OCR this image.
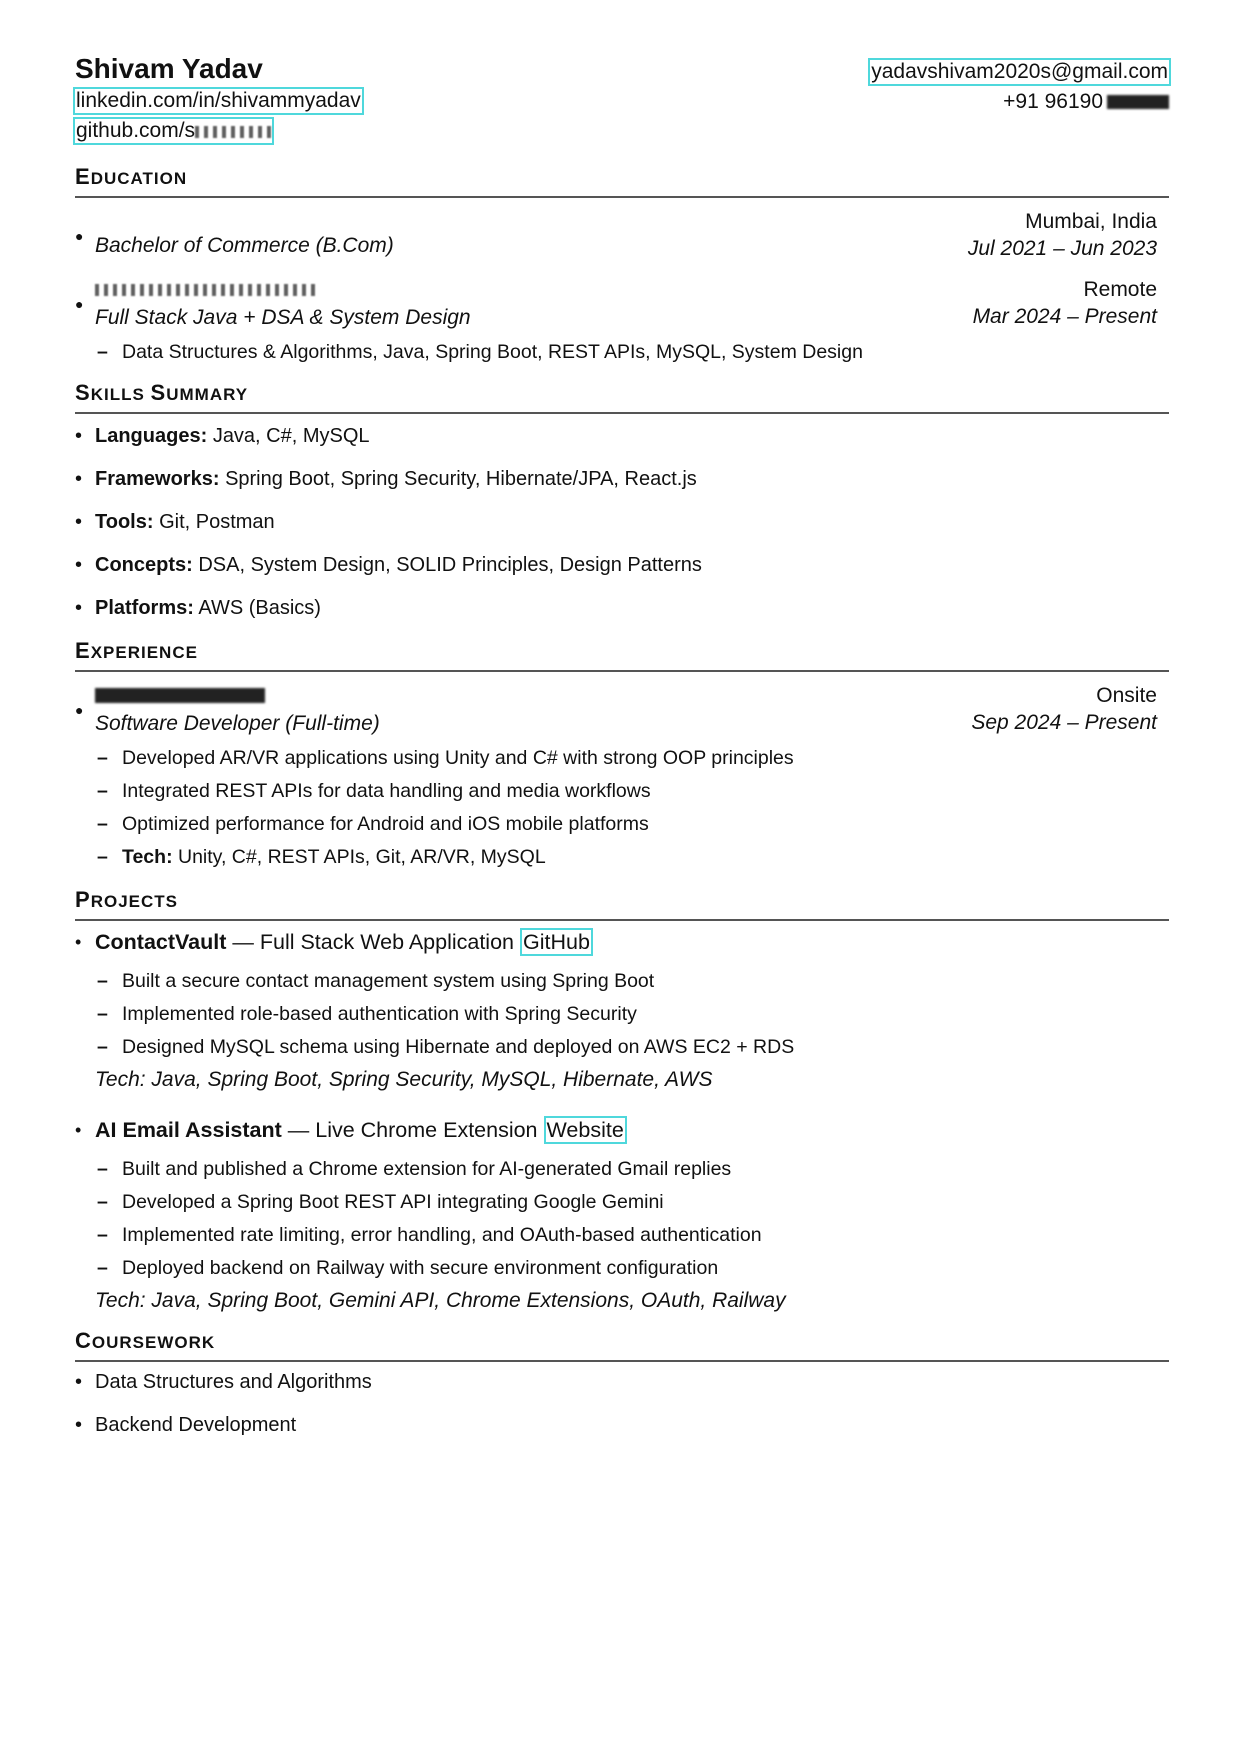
Shivam Yadav
linkedin.com/in/shivammyadav
github.com/s
yadavshivam2020s@gmail.com
+91 96190
EDUCATION
● Bachelor of Commerce (B.Com)
Mumbai, India
Jul 2021 – Jun 2023
●
Full Stack Java + DSA & System Design
Remote
Mar 2024 – Present
– Data Structures & Algorithms, Java, Spring Boot, REST APIs, MySQL, System Design
SKILLS SUMMARY
• Languages: Java, C#, MySQL
• Frameworks: Spring Boot, Spring Security, Hibernate/JPA, React.js
• Tools: Git, Postman
• Concepts: DSA, System Design, SOLID Principles, Design Patterns
• Platforms: AWS (Basics)
EXPERIENCE
●
Software Developer (Full-time)
Onsite
Sep 2024 – Present
– Developed AR/VR applications using Unity and C# with strong OOP principles
– Integrated REST APIs for data handling and media workflows
– Optimized performance for Android and iOS mobile platforms
– Tech: Unity, C#, REST APIs, Git, AR/VR, MySQL
PROJECTS
• ContactVault — Full Stack Web Application GitHub
– Built a secure contact management system using Spring Boot
– Implemented role-based authentication with Spring Security
– Designed MySQL schema using Hibernate and deployed on AWS EC2 + RDS
Tech: Java, Spring Boot, Spring Security, MySQL, Hibernate, AWS
• AI Email Assistant — Live Chrome Extension Website
– Built and published a Chrome extension for AI-generated Gmail replies
– Developed a Spring Boot REST API integrating Google Gemini
– Implemented rate limiting, error handling, and OAuth-based authentication
– Deployed backend on Railway with secure environment configuration
Tech: Java, Spring Boot, Gemini API, Chrome Extensions, OAuth, Railway
COURSEWORK
• Data Structures and Algorithms
• Backend Development
